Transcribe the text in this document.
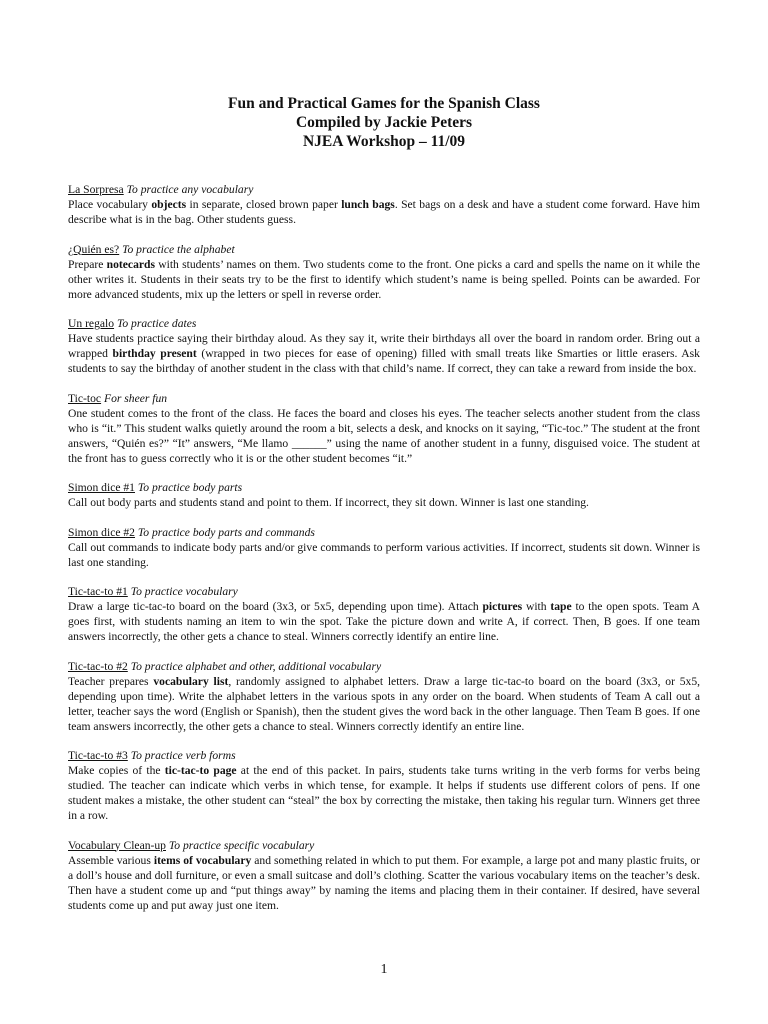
Fun and Practical Games for the Spanish Class

Compiled by Jackie Peters

NJEA Workshop – 11/09

La Sorpresa To practice any vocabulary
Place vocabulary objects in separate, closed brown paper lunch bags. Set bags on a desk and have a student come forward. Have him describe what is in the bag. Other students guess.
¿Quién es? To practice the alphabet
Prepare notecards with students’ names on them. Two students come to the front. One picks a card and spells the name on it while the other writes it. Students in their seats try to be the first to identify which student’s name is being spelled. Points can be awarded. For more advanced students, mix up the letters or spell in reverse order.
Un regalo To practice dates
Have students practice saying their birthday aloud. As they say it, write their birthdays all over the board in random order. Bring out a wrapped birthday present (wrapped in two pieces for ease of opening) filled with small treats like Smarties or little erasers. Ask students to say the birthday of another student in the class with that child’s name. If correct, they can take a reward from inside the box.
Tic-toc For sheer fun
One student comes to the front of the class. He faces the board and closes his eyes. The teacher selects another student from the class who is “it.” This student walks quietly around the room a bit, selects a desk, and knocks on it saying, “Tic-toc.” The student at the front answers, “Quién es?” “It” answers, “Me llamo ______” using the name of another student in a funny, disguised voice. The student at the front has to guess correctly who it is or the other student becomes “it.”
Simon dice #1 To practice body parts
Call out body parts and students stand and point to them. If incorrect, they sit down. Winner is last one standing.
Simon dice #2 To practice body parts and commands
Call out commands to indicate body parts and/or give commands to perform various activities. If incorrect, students sit down. Winner is last one standing.
Tic-tac-to #1 To practice vocabulary
Draw a large tic-tac-to board on the board (3x3, or 5x5, depending upon time). Attach pictures with tape to the open spots. Team A goes first, with students naming an item to win the spot. Take the picture down and write A, if correct. Then, B goes. If one team answers incorrectly, the other gets a chance to steal. Winners correctly identify an entire line.
Tic-tac-to #2 To practice alphabet and other, additional vocabulary
Teacher prepares vocabulary list, randomly assigned to alphabet letters. Draw a large tic-tac-to board on the board (3x3, or 5x5, depending upon time). Write the alphabet letters in the various spots in any order on the board. When students of Team A call out a letter, teacher says the word (English or Spanish), then the student gives the word back in the other language. Then Team B goes. If one team answers incorrectly, the other gets a chance to steal. Winners correctly identify an entire line.
Tic-tac-to #3 To practice verb forms
Make copies of the tic-tac-to page at the end of this packet. In pairs, students take turns writing in the verb forms for verbs being studied. The teacher can indicate which verbs in which tense, for example. It helps if students use different colors of pens. If one student makes a mistake, the other student can “steal” the box by correcting the mistake, then taking his regular turn. Winners get three in a row.
Vocabulary Clean-up To practice specific vocabulary
Assemble various items of vocabulary and something related in which to put them. For example, a large pot and many plastic fruits, or a doll’s house and doll furniture, or even a small suitcase and doll’s clothing. Scatter the various vocabulary items on the teacher’s desk. Then have a student come up and “put things away” by naming the items and placing them in their container. If desired, have several students come up and put away just one item.
1
